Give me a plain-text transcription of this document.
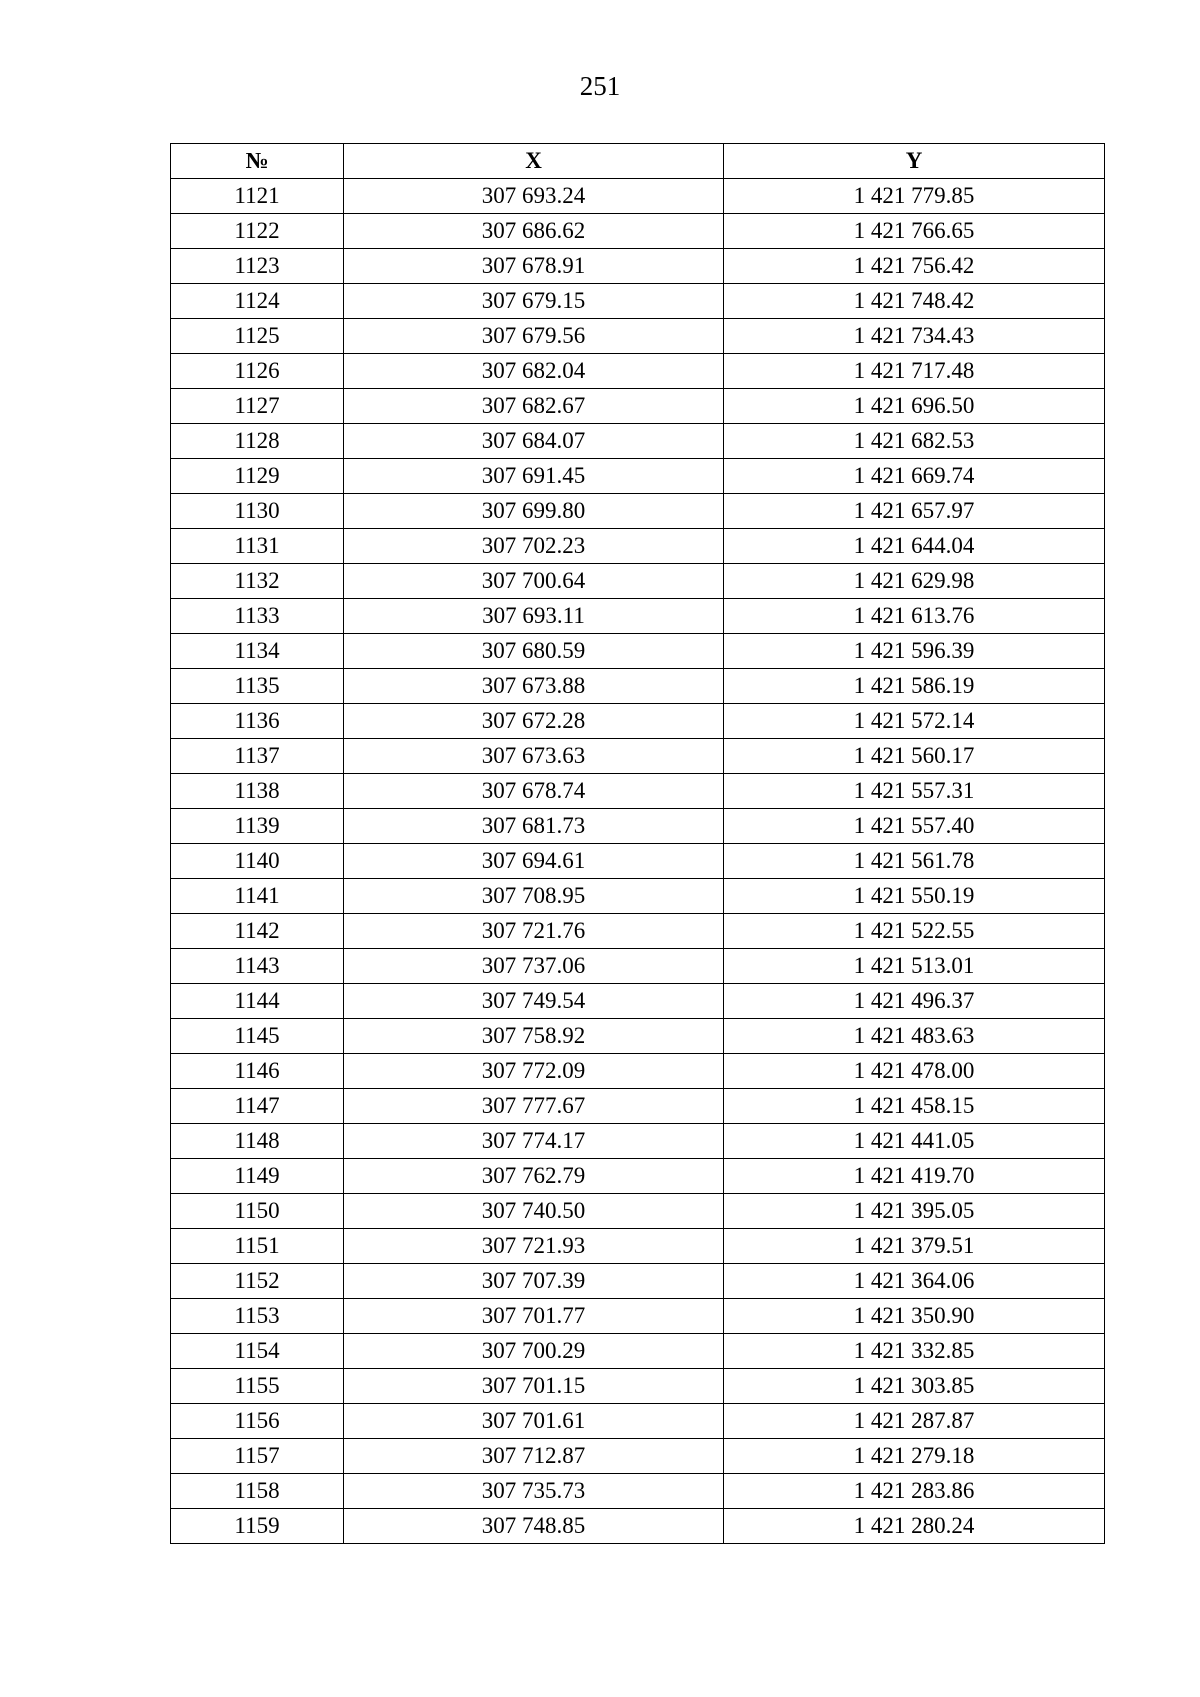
251
№	X	Y
1121	307 693.24	1 421 779.85
1122	307 686.62	1 421 766.65
1123	307 678.91	1 421 756.42
1124	307 679.15	1 421 748.42
1125	307 679.56	1 421 734.43
1126	307 682.04	1 421 717.48
1127	307 682.67	1 421 696.50
1128	307 684.07	1 421 682.53
1129	307 691.45	1 421 669.74
1130	307 699.80	1 421 657.97
1131	307 702.23	1 421 644.04
1132	307 700.64	1 421 629.98
1133	307 693.11	1 421 613.76
1134	307 680.59	1 421 596.39
1135	307 673.88	1 421 586.19
1136	307 672.28	1 421 572.14
1137	307 673.63	1 421 560.17
1138	307 678.74	1 421 557.31
1139	307 681.73	1 421 557.40
1140	307 694.61	1 421 561.78
1141	307 708.95	1 421 550.19
1142	307 721.76	1 421 522.55
1143	307 737.06	1 421 513.01
1144	307 749.54	1 421 496.37
1145	307 758.92	1 421 483.63
1146	307 772.09	1 421 478.00
1147	307 777.67	1 421 458.15
1148	307 774.17	1 421 441.05
1149	307 762.79	1 421 419.70
1150	307 740.50	1 421 395.05
1151	307 721.93	1 421 379.51
1152	307 707.39	1 421 364.06
1153	307 701.77	1 421 350.90
1154	307 700.29	1 421 332.85
1155	307 701.15	1 421 303.85
1156	307 701.61	1 421 287.87
1157	307 712.87	1 421 279.18
1158	307 735.73	1 421 283.86
1159	307 748.85	1 421 280.24
